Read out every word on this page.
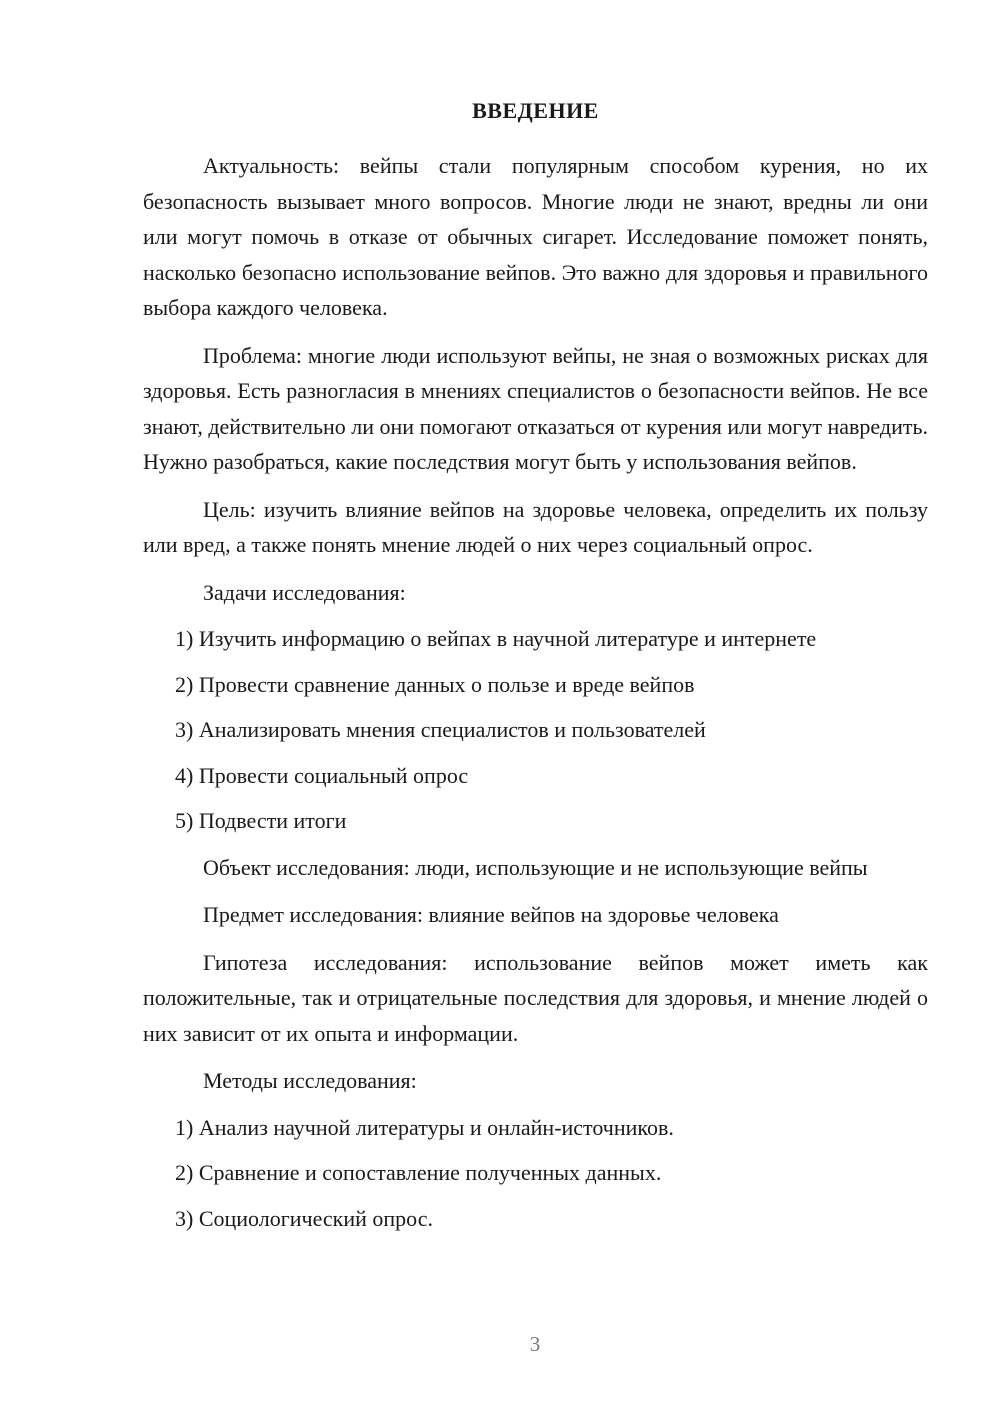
ВВЕДЕНИЕ

Актуальность: вейпы стали популярным способом курения, но их безопасность вызывает много вопросов. Многие люди не знают, вредны ли они или могут помочь в отказе от обычных сигарет. Исследование поможет понять, насколько безопасно использование вейпов. Это важно для здоровья и правильного выбора каждого человека.

Проблема: многие люди используют вейпы, не зная о возможных рисках для здоровья. Есть разногласия в мнениях специалистов о безопасности вейпов. Не все знают, действительно ли они помогают отказаться от курения или могут навредить. Нужно разобраться, какие последствия могут быть у использования вейпов.

Цель: изучить влияние вейпов на здоровье человека, определить их пользу или вред, а также понять мнение людей о них через социальный опрос.

Задачи исследования:

1) Изучить информацию о вейпах в научной литературе и интернете
2) Провести сравнение данных о пользе и вреде вейпов
3) Анализировать мнения специалистов и пользователей
4) Провести социальный опрос
5) Подвести итоги

Объект исследования: люди, использующие и не использующие вейпы

Предмет исследования: влияние вейпов на здоровье человека

Гипотеза исследования: использование вейпов может иметь как положительные, так и отрицательные последствия для здоровья, и мнение людей о них зависит от их опыта и информации.

Методы исследования:

1) Анализ научной литературы и онлайн-источников.
2) Сравнение и сопоставление полученных данных.
3) Социологический опрос.
3
